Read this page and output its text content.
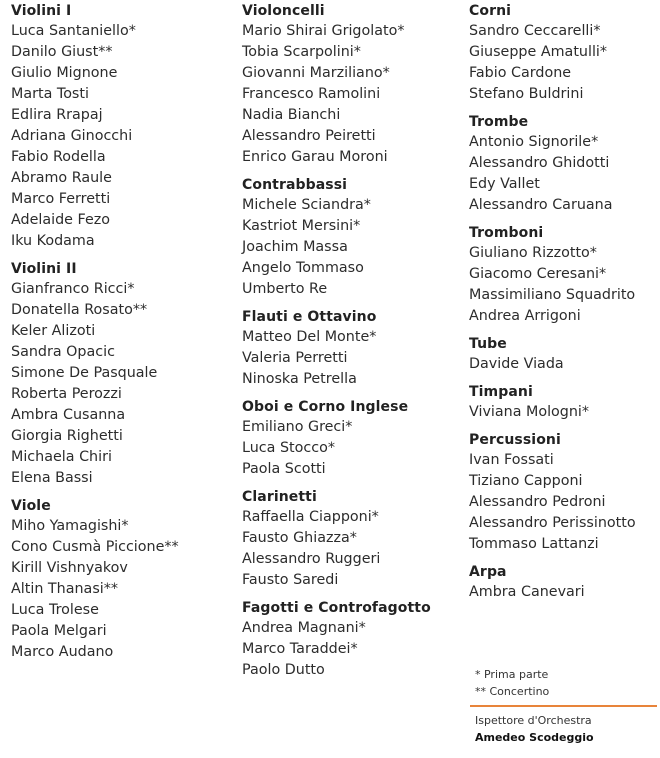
Violini I
Luca Santaniello*
Danilo Giust**
Giulio Mignone
Marta Tosti
Edlira Rrapaj
Adriana Ginocchi
Fabio Rodella
Abramo Raule
Marco Ferretti
Adelaide Fezo
Iku Kodama
Violini II
Gianfranco Ricci*
Donatella Rosato**
Keler Alizoti
Sandra Opacic
Simone De Pasquale
Roberta Perozzi
Ambra Cusanna
Giorgia Righetti
Michaela Chiri
Elena Bassi
Viole
Miho Yamagishi*
Cono Cusmà Piccione**
Kirill Vishnyakov
Altin Thanasi**
Luca Trolese
Paola Melgari
Marco Audano
Violoncelli
Mario Shirai Grigolato*
Tobia Scarpolini*
Giovanni Marziliano*
Francesco Ramolini
Nadia Bianchi
Alessandro Peiretti
Enrico Garau Moroni
Contrabbassi
Michele Sciandra*
Kastriot Mersini*
Joachim Massa
Angelo Tommaso
Umberto Re
Flauti e Ottavino
Matteo Del Monte*
Valeria Perretti
Ninoska Petrella
Oboi e Corno Inglese
Emiliano Greci*
Luca Stocco*
Paola Scotti
Clarinetti
Raffaella Ciapponi*
Fausto Ghiazza*
Alessandro Ruggeri
Fausto Saredi
Fagotti e Controfagotto
Andrea Magnani*
Marco Taraddei*
Paolo Dutto
Corni
Sandro Ceccarelli*
Giuseppe Amatulli*
Fabio Cardone
Stefano Buldrini
Trombe
Antonio Signorile*
Alessandro Ghidotti
Edy Vallet
Alessandro Caruana
Tromboni
Giuliano Rizzotto*
Giacomo Ceresani*
Massimiliano Squadrito
Andrea Arrigoni
Tube
Davide Viada
Timpani
Viviana Mologni*
Percussioni
Ivan Fossati
Tiziano Capponi
Alessandro Pedroni
Alessandro Perissinotto
Tommaso Lattanzi
Arpa
Ambra Canevari
* Prima parte
** Concertino
Ispettore d'Orchestra
Amedeo Scodeggio
